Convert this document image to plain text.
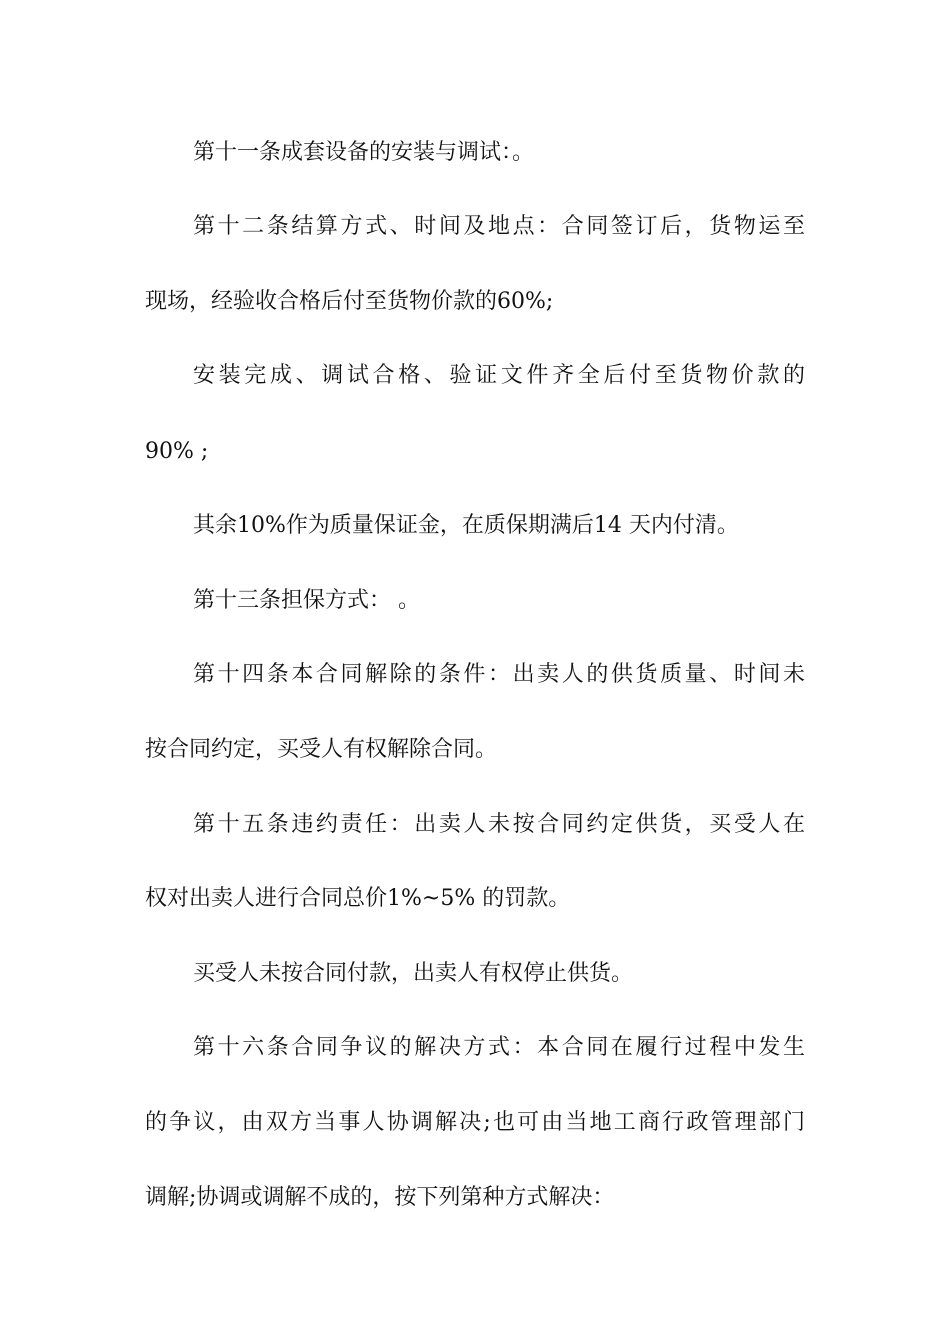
第十一条成套设备的安装与调试：。
第十二条结算方式、时间及地点：合同签订后，货物运至
现场，经验收合格后付至货物价款的60%;
安装完成、调试合格、验证文件齐全后付至货物价款的
90% ;
其余10%作为质量保证金，在质保期满后14 天内付清。
第十三条担保方式： 。
第十四条本合同解除的条件：出卖人的供货质量、时间未
按合同约定，买受人有权解除合同。
第十五条违约责任：出卖人未按合同约定供货，买受人在
权对出卖人进行合同总价1%~5% 的罚款。
买受人未按合同付款，出卖人有权停止供货。
第十六条合同争议的解决方式：本合同在履行过程中发生
的争议，由双方当事人协调解决;也可由当地工商行政管理部门
调解;协调或调解不成的，按下列第种方式解决：
